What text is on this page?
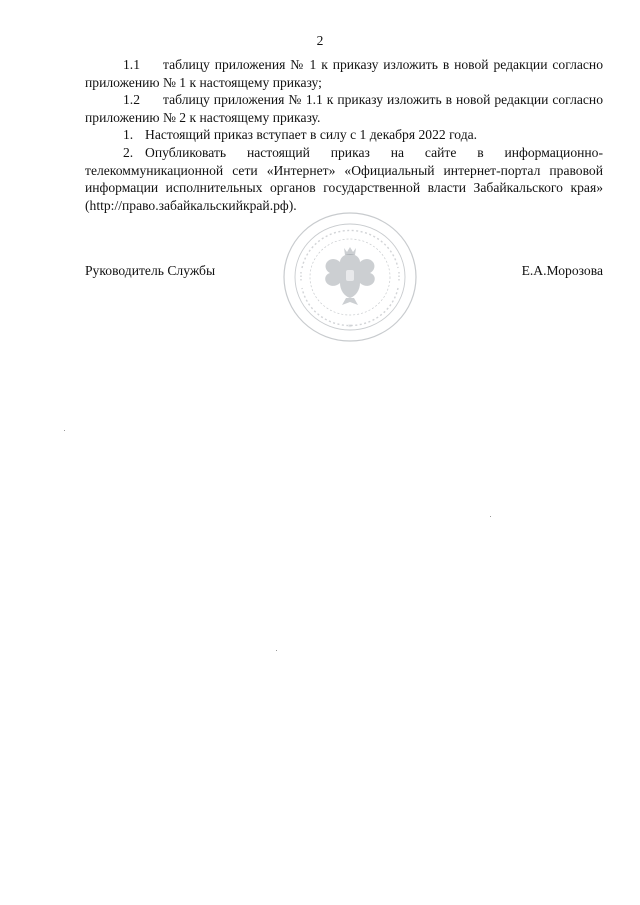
2

1.1 таблицу приложения № 1 к приказу изложить в новой редакции согласно приложению № 1 к настоящему приказу;

1.2 таблицу приложения № 1.1 к приказу изложить в новой редакции согласно приложению № 2 к настоящему приказу.

1. Настоящий приказ вступает в силу с 1 декабря 2022 года.

2. Опубликовать настоящий приказ на сайте в информационно-телекоммуникационной сети «Интернет» «Официальный интернет-портал правовой информации исполнительных органов государственной власти Забайкальского края» (http://право.забайкальскийкрай.рф).

*
Руководитель Службы	Е.А.Морозова
